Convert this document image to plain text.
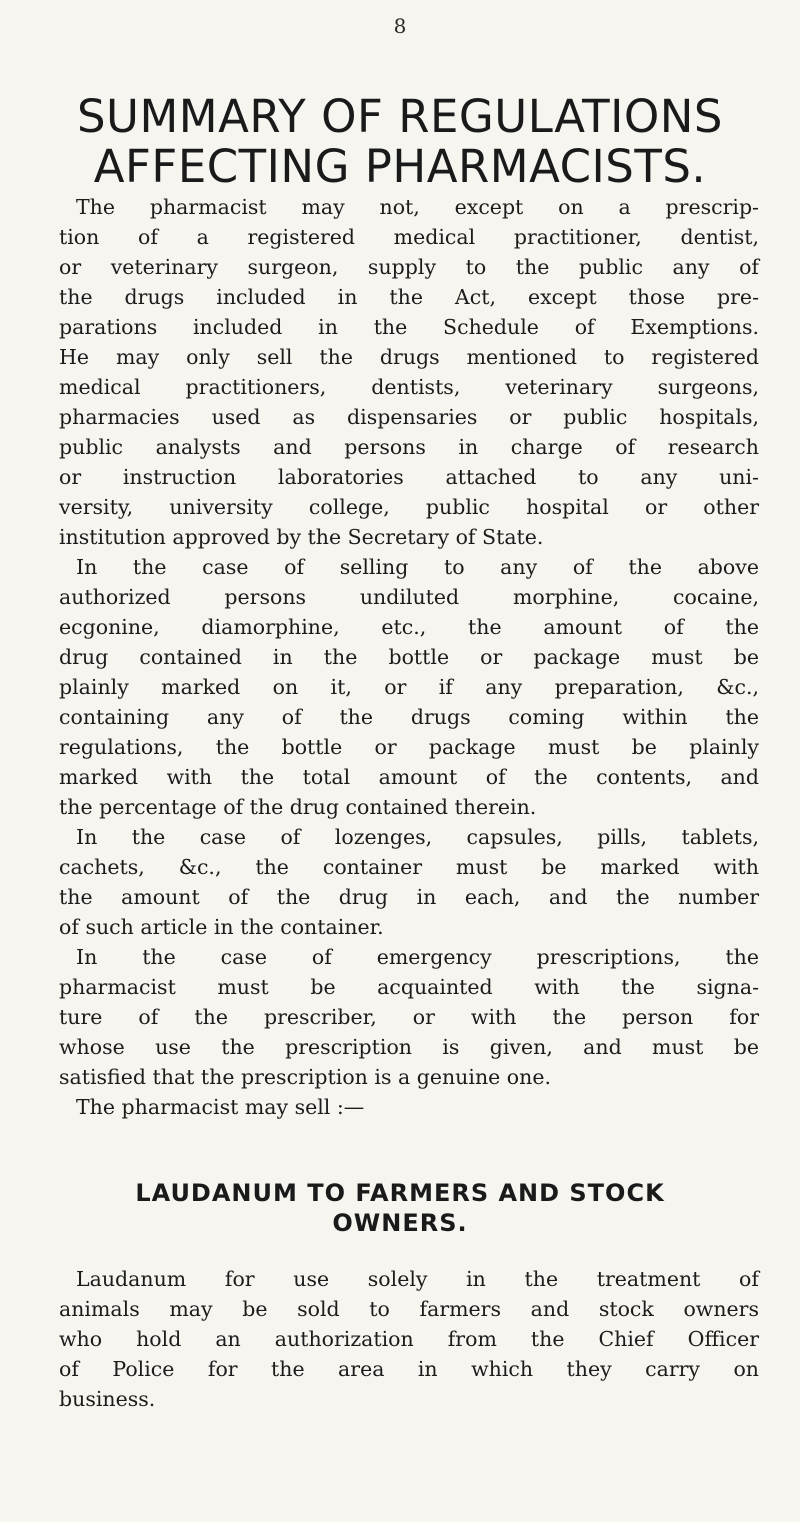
8
SUMMARY OF REGULATIONS
AFFECTING PHARMACISTS.
The pharmacist may not, except on a prescrip-
tion of a registered medical practitioner, dentist,
or veterinary surgeon, supply to the public any of
the drugs included in the Act, except those pre-
parations included in the Schedule of Exemptions.
He may only sell the drugs mentioned to registered
medical practitioners, dentists, veterinary surgeons,
pharmacies used as dispensaries or public hospitals,
public analysts and persons in charge of research
or instruction laboratories attached to any uni-
versity, university college, public hospital or other
institution approved by the Secretary of State.
In the case of selling to any of the above
authorized persons undiluted morphine, cocaine,
ecgonine, diamorphine, etc., the amount of the
drug contained in the bottle or package must be
plainly marked on it, or if any preparation, &c.,
containing any of the drugs coming within the
regulations, the bottle or package must be plainly
marked with the total amount of the contents, and
the percentage of the drug contained therein.
In the case of lozenges, capsules, pills, tablets,
cachets, &c., the container must be marked with
the amount of the drug in each, and the number
of such article in the container.
In the case of emergency prescriptions, the
pharmacist must be acquainted with the signa-
ture of the prescriber, or with the person for
whose use the prescription is given, and must be
satisfied that the prescription is a genuine one.
The pharmacist may sell :—
LAUDANUM TO FARMERS AND STOCK
OWNERS.
Laudanum for use solely in the treatment of
animals may be sold to farmers and stock owners
who hold an authorization from the Chief Officer
of Police for the area in which they carry on
business.
